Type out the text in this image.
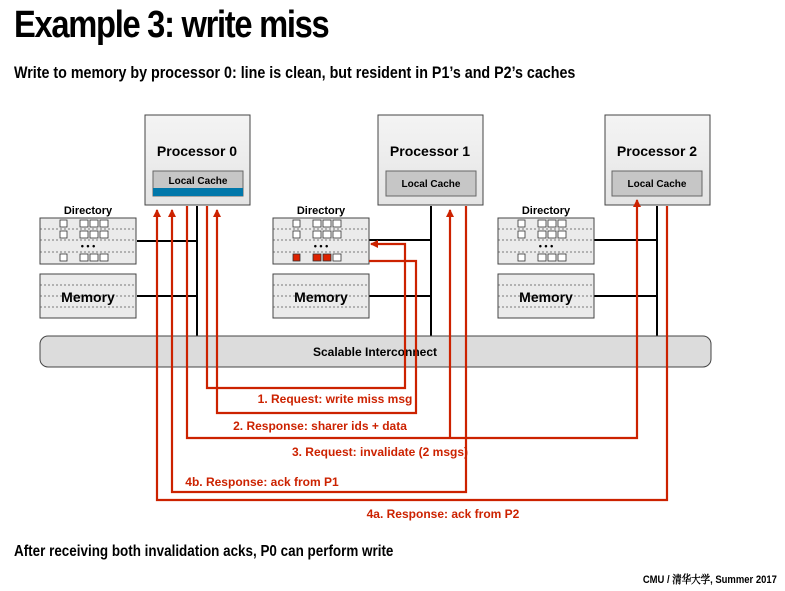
Example 3: write miss
Write to memory by processor 0: line is clean, but resident in P1’s and P2’s caches
Processor 0
Local Cache
Directory
• • •
Memory
Processor 1
Local Cache
Directory
• • •
Memory
Processor 2
Local Cache
Directory
• • •
Memory
Scalable Interconnect
1. Request: write miss msg
2. Response: sharer ids + data
3. Request: invalidate (2 msgs)
4b. Response: ack from P1
4a. Response: ack from P2
After receiving both invalidation acks, P0 can perform write
CMU / 清华大学, Summer 2017
